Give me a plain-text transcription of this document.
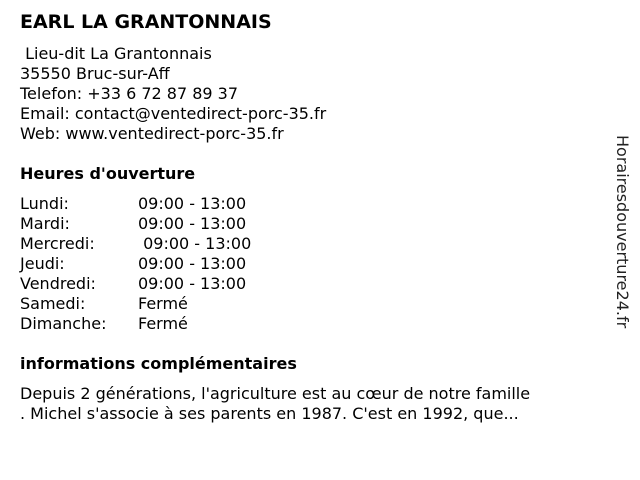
EARL LA GRANTONNAIS
Lieu-dit La Grantonnais
35550 Bruc-sur-Aff
Telefon: +33 6 72 87 89 37
Email: contact@ventedirect-porc-35.fr
Web: www.ventedirect-porc-35.fr
Heures d'ouverture
Lundi:	09:00 - 13:00
Mardi:	09:00 - 13:00
Mercredi:	09:00 - 13:00
Jeudi:	09:00 - 13:00
Vendredi:	09:00 - 13:00
Samedi:	Fermé
Dimanche: Fermé
informations complémentaires
Depuis 2 générations, l'agriculture est au cœur de notre famille
. Michel s'associe à ses parents en 1987. C'est en 1992, que...
Horairesdouverture24.fr
